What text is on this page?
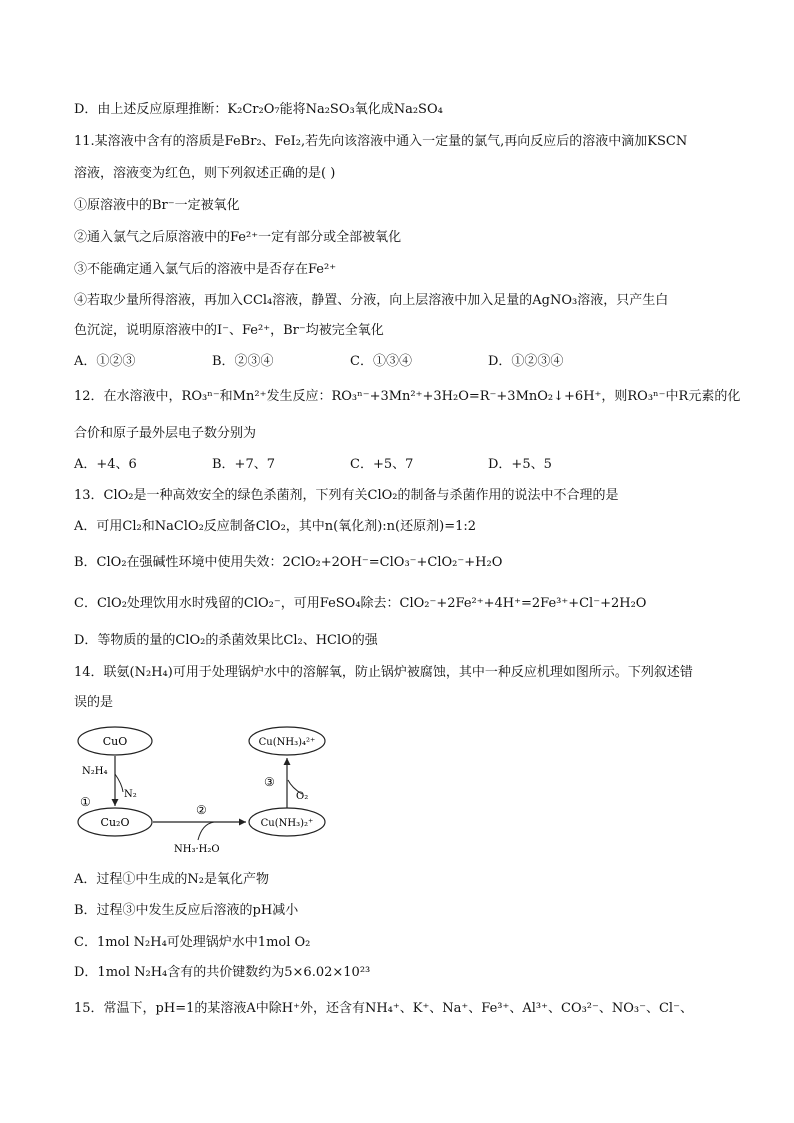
D．由上述反应原理推断：K₂Cr₂O₇能将Na₂SO₃氧化成Na₂SO₄
11.某溶液中含有的溶质是FeBr₂、FeI₂,若先向该溶液中通入一定量的氯气,再向反应后的溶液中滴加KSCN
溶液，溶液变为红色，则下列叙述正确的是( )
①原溶液中的Br⁻一定被氧化
②通入氯气之后原溶液中的Fe²⁺一定有部分或全部被氧化
③不能确定通入氯气后的溶液中是否存在Fe²⁺
④若取少量所得溶液，再加入CCl₄溶液，静置、分液，向上层溶液中加入足量的AgNO₃溶液，只产生白
色沉淀，说明原溶液中的I⁻、Fe²⁺，Br⁻均被完全氧化
A．①②③	B．②③④	C．①③④	D．①②③④
12．在水溶液中，RO₃ⁿ⁻和Mn²⁺发生反应：RO₃ⁿ⁻+3Mn²⁺+3H₂O=R⁻+3MnO₂↓+6H⁺，则RO₃ⁿ⁻中R元素的化
合价和原子最外层电子数分别为
A．+4、6	B．+7、7	C．+5、7	D．+5、5
13．ClO₂是一种高效安全的绿色杀菌剂，下列有关ClO₂的制备与杀菌作用的说法中不合理的是
A．可用Cl₂和NaClO₂反应制备ClO₂，其中n(氧化剂):n(还原剂)=1:2
B．ClO₂在强碱性环境中使用失效：2ClO₂+2OH⁻=ClO₃⁻+ClO₂⁻+H₂O
C．ClO₂处理饮用水时残留的ClO₂⁻，可用FeSO₄除去：ClO₂⁻+2Fe²⁺+4H⁺=2Fe³⁺+Cl⁻+2H₂O
D．等物质的量的ClO₂的杀菌效果比Cl₂、HClO的强
14．联氨(N₂H₄)可用于处理锅炉水中的溶解氧，防止锅炉被腐蚀，其中一种反应机理如图所示。下列叙述错
误的是
CuO
Cu₂O
Cu(NH₃)₄²⁺
Cu(NH₃)₂⁺
N₂H₄
N₂
①
②
NH₃·H₂O
③
O₂
A．过程①中生成的N₂是氧化产物
B．过程③中发生反应后溶液的pH减小
C．1mol N₂H₄可处理锅炉水中1mol O₂
D．1mol N₂H₄含有的共价键数约为5×6.02×10²³
15．常温下，pH=1的某溶液A中除H⁺外，还含有NH₄⁺、K⁺、Na⁺、Fe³⁺、Al³⁺、CO₃²⁻、NO₃⁻、Cl⁻、
